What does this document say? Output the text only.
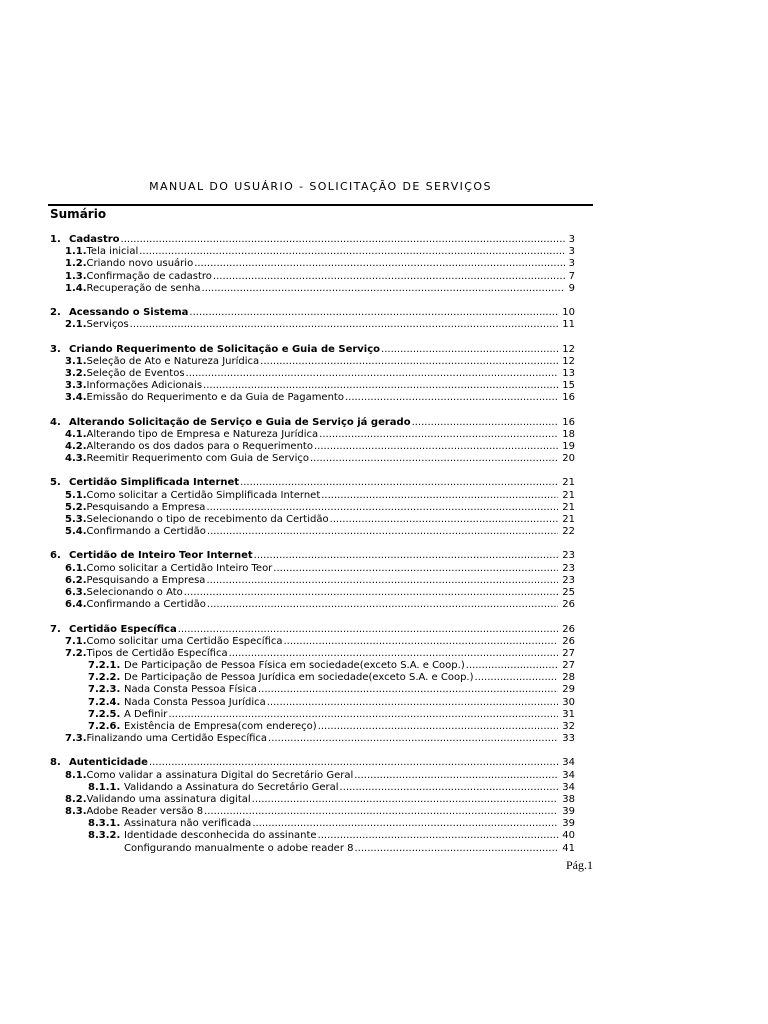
MANUAL DO USUÁRIO - SOLICITAÇÃO DE SERVIÇOS
Sumário
1. Cadastro .....	3
1.1. Tela inicial .....	3
1.2. Criando novo usuário .....	3
1.3. Confirmação de cadastro .....	7
1.4. Recuperação de senha .....	9
2. Acessando o Sistema .....	10
2.1. Serviços .....	11
3. Criando Requerimento de Solicitação e Guia de Serviço .....	12
3.1. Seleção de Ato e Natureza Jurídica .....	12
3.2. Seleção de Eventos .....	13
3.3. Informações Adicionais .....	15
3.4. Emissão do Requerimento e da Guia de Pagamento .....	16
4. Alterando Solicitação de Serviço e Guia de Serviço já gerado .....	16
4.1. Alterando tipo de Empresa e Natureza Jurídica .....	18
4.2. Alterando os dos dados para o Requerimento .....	19
4.3. Reemitir Requerimento com Guia de Serviço .....	20
5. Certidão Simplificada Internet .....	21
5.1. Como solicitar a Certidão Simplificada Internet .....	21
5.2. Pesquisando a Empresa .....	21
5.3. Selecionando o tipo de recebimento da Certidão .....	21
5.4. Confirmando a Certidão .....	22
6. Certidão de Inteiro Teor Internet .....	23
6.1. Como solicitar a Certidão Inteiro Teor .....	23
6.2. Pesquisando a Empresa .....	23
6.3. Selecionando o Ato .....	25
6.4. Confirmando a Certidão .....	26
7. Certidão Específica .....	26
7.1. Como solicitar uma Certidão Específica .....	26
7.2. Tipos de Certidão Específica .....	27
7.2.1. De Participação de Pessoa Física em sociedade(exceto S.A. e Coop.) .....	27
7.2.2. De Participação de Pessoa Jurídica em sociedade(exceto S.A. e Coop.) .....	28
7.2.3. Nada Consta Pessoa Física .....	29
7.2.4. Nada Consta Pessoa Jurídica .....	30
7.2.5. A Definir .....	31
7.2.6. Existência de Empresa(com endereço) .....	32
7.3. Finalizando uma Certidão Específica .....	33
8. Autenticidade .....	34
8.1. Como validar a assinatura Digital do Secretário Geral .....	34
8.1.1. Validando a Assinatura do Secretário Geral .....	34
8.2. Validando uma assinatura digital .....	38
8.3. Adobe Reader versão 8 .....	39
8.3.1. Assinatura não verificada .....	39
8.3.2. Identidade desconhecida do assinante .....	40
Configurando manualmente o adobe reader 8 .....	41
Pág.1
